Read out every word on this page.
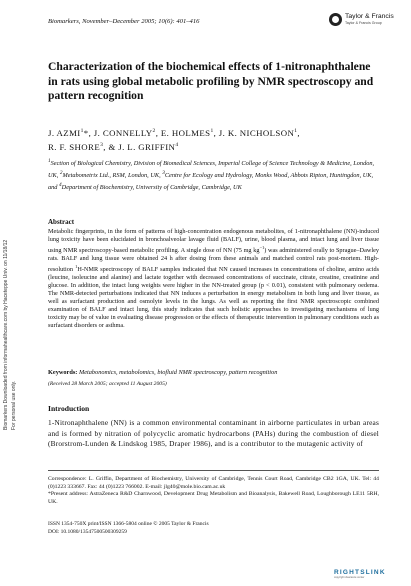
Biomarkers, November–December 2005; 10(6): 401–416
Taylor & Francis
Taylor & Francis Group
Biomarkers Downloaded from informahealthcare.com by Haceteppe Univ. on 11/18/12 For personal use only.
Characterization of the biochemical effects of 1-nitronaphthalene in rats using global metabolic profiling by NMR spectroscopy and pattern recognition

J. AZMI$^1$*, J. CONNELLY$^2$, E. HOLMES$^1$, J. K. NICHOLSON$^1$,

R. F. SHORE$^3$, & J. L. GRIFFIN$^4$

$^1$Section of Biological Chemistry, Division of Biomedical Sciences, Imperial College of Science Technology & Medicine, London, UK, $^2$Metabometrix Ltd., RSM, London, UK, $^3$Centre for Ecology and Hydrology, Monks Wood, Abbots Ripton, Huntingdon, UK, and $^4$Department of Biochemistry, University of Cambridge, Cambridge, UK
Abstract
Metabolic fingerprints, in the form of patterns of high-concentration endogenous metabolites, of 1-nitronaphthalene (NN)-induced lung toxicity have been elucidated in bronchoalveolar lavage fluid (BALF), urine, blood plasma, and intact lung and liver tissue using NMR spectroscopy-based metabolic profiling. A single dose of NN (75 mg $kg^{-1}$) was administered orally to Sprague–Dawley rats. BALF and lung tissue were obtained 24 h after dosing from these animals and matched control rats post-mortem. High-resolution $^1$H-NMR spectroscopy of BALF samples indicated that NN caused increases in concentrations of choline, amino acids (leucine, isoleucine and alanine) and lactate together with decreased concentrations of succinate, citrate, creatine, creatinine and glucose. In addition, the intact lung weights were higher in the NN-treated group (p < 0.01), consistent with pulmonary oedema. The NMR-detected perturbations indicated that NN induces a perturbation in energy metabolism in both lung and liver tissue, as well as surfactant production and osmolyte levels in the lungs. As well as reporting the first NMR spectroscopic combined examination of BALF and intact lung, this study indicates that such holistic approaches to investigating mechanisms of lung toxicity may be of value in evaluating disease progression or the effects of therapeutic intervention in pulmonary conditions such as surfactant disorders or asthma.
Keywords: Metabonomics, metabolomics, biofluid NMR spectroscopy, pattern recognition
(Received 28 March 2005; accepted 11 August 2005)
Introduction
1-Nitronaphthalene (NN) is a common environmental contaminant in airborne particulates in urban areas and is formed by nitration of polycyclic aromatic hydrocarbons (PAHs) during the combustion of diesel (Brorstrom-Lunden & Lindskog 1985, Draper 1986), and is a contributor to the mutagenic activity of

Correspondence: L. Griffin, Department of Biochemistry, University of Cambridge, Tennis Court Road, Cambridge CB2 1GA, UK. Tel: 44 (0)1223 333667. Fax: 44 (0)1223 766002. E-mail: jlg40@mole.bio.cam.ac.uk

*Present address: AstraZeneca R&D Charnwood, Development Drug Metabolism and Bioanalysis, Bakewell Road, Loughborough LE11 5RH, UK.

ISSN 1354-750X print/ISSN 1366-5804 online © 2005 Taylor & Francis

DOI: 10.1080/13547500500309259

RIGHTSLINK
copyright clearance center
